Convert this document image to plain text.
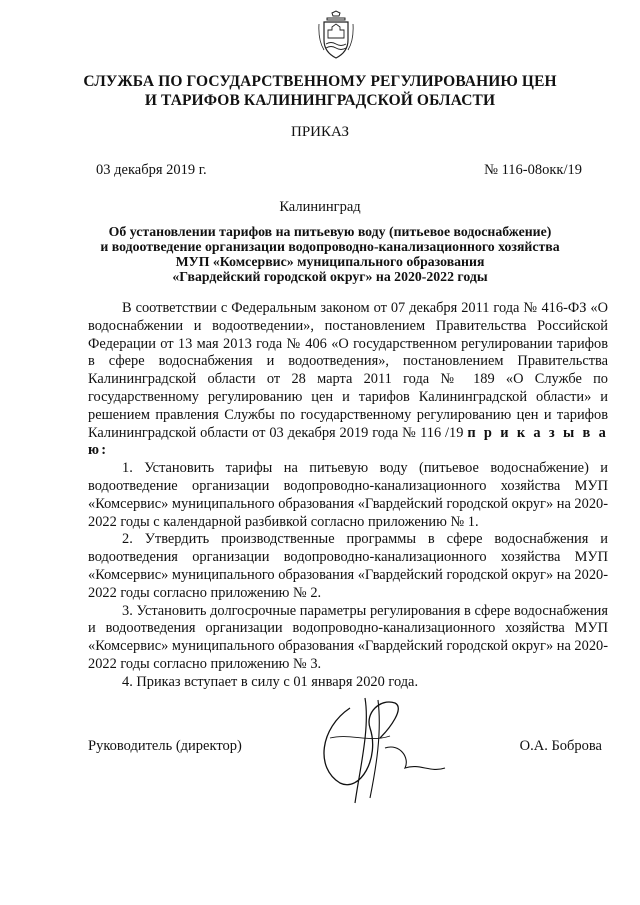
СЛУЖБА ПО ГОСУДАРСТВЕННОМУ РЕГУЛИРОВАНИЮ ЦЕН
И ТАРИФОВ КАЛИНИНГРАДСКОЙ ОБЛАСТИ
ПРИКАЗ
03 декабря 2019 г.	№ 116-08окк/19
Калининград
Об установлении тарифов на питьевую воду (питьевое водоснабжение)
и водоотведение организации водопроводно-канализационного хозяйства
МУП «Комсервис» муниципального образования
«Гвардейский городской округ» на 2020-2022 годы

В соответствии с Федеральным законом от 07 декабря 2011 года № 416-ФЗ «О водоснабжении и водоотведении», постановлением Правительства Российской Федерации от 13 мая 2013 года № 406 «О государственном регулировании тарифов в сфере водоснабжения и водоотведения», постановлением Правительства Калининградской области от 28 марта 2011 года № 189 «О Службе по государственному регулированию цен и тарифов Калининградской области» и решением правления Службы по государственному регулированию цен и тарифов Калининградской области от 03 декабря 2019 года № 116 /19 п р и к а з ы в а ю:

1. Установить тарифы на питьевую воду (питьевое водоснабжение) и водоотведение организации водопроводно-канализационного хозяйства МУП «Комсервис» муниципального образования «Гвардейский городской округ» на 2020-2022 годы с календарной разбивкой согласно приложению № 1.

2. Утвердить производственные программы в сфере водоснабжения и водоотведения организации водопроводно-канализационного хозяйства МУП «Комсервис» муниципального образования «Гвардейский городской округ» на 2020-2022 годы согласно приложению № 2.

3. Установить долгосрочные параметры регулирования в сфере водоснабжения и водоотведения организации водопроводно-канализационного хозяйства МУП «Комсервис» муниципального образования «Гвардейский городской округ» на 2020-2022 годы согласно приложению № 3.

4. Приказ вступает в силу с 01 января 2020 года.

Руководитель (директор)	О.А. Боброва
